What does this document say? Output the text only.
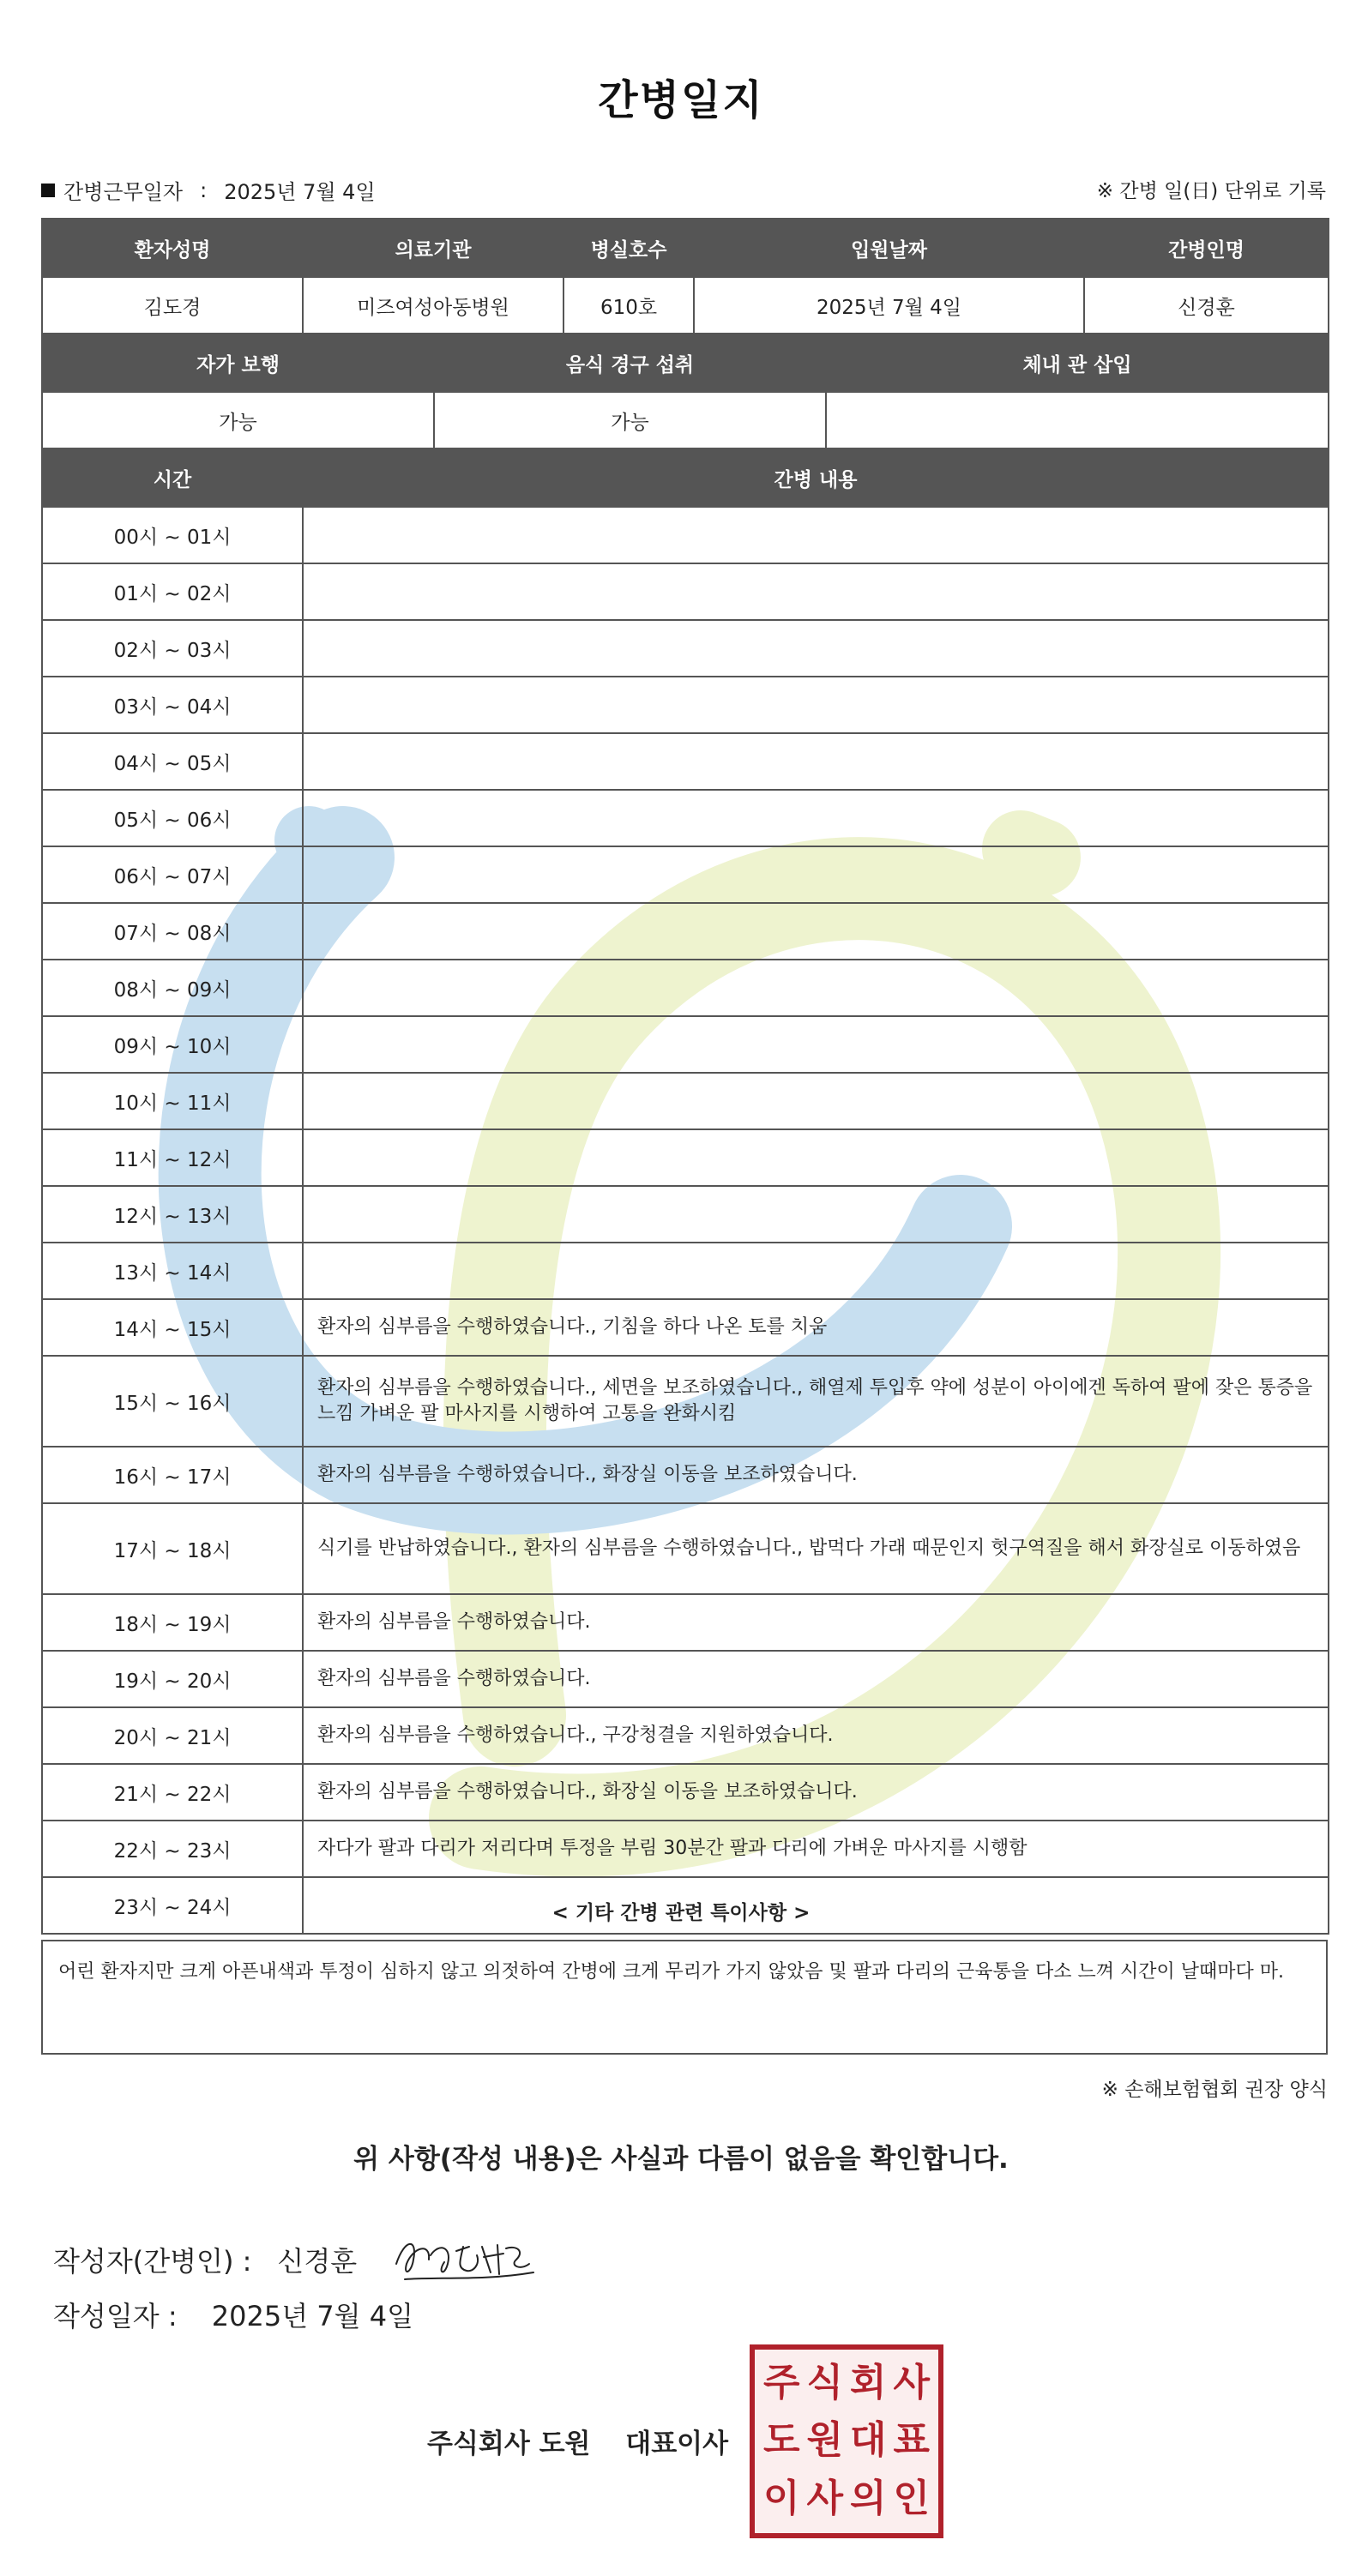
간병일지
간병근무일자 : 2025년 7월 4일	※ 간병 일(日) 단위로 기록
환자성명	의료기관	병실호수	입원날짜	간병인명
김도경	미즈여성아동병원	610호	2025년 7월 4일	신경훈
자가 보행	음식 경구 섭취	체내 관 삽입
가능	가능	
시간	간병 내용
00시 ~ 01시	
01시 ~ 02시	
02시 ~ 03시	
03시 ~ 04시	
04시 ~ 05시	
05시 ~ 06시	
06시 ~ 07시	
07시 ~ 08시	
08시 ~ 09시	
09시 ~ 10시	
10시 ~ 11시	
11시 ~ 12시	
12시 ~ 13시	
13시 ~ 14시	
14시 ~ 15시	환자의 심부름을 수행하였습니다., 기침을 하다 나온 토를 치움
15시 ~ 16시	환자의 심부름을 수행하였습니다., 세면을 보조하였습니다., 해열제 투입후 약에 성분이 아이에겐 독하여 팔에 잦은 통증을 느낌 가벼운 팔 마사지를 시행하여 고통을 완화시킴
16시 ~ 17시	환자의 심부름을 수행하였습니다., 화장실 이동을 보조하였습니다.
17시 ~ 18시	식기를 반납하였습니다., 환자의 심부름을 수행하였습니다., 밥먹다 가래 때문인지 헛구역질을 해서 화장실로 이동하였음
18시 ~ 19시	환자의 심부름을 수행하였습니다.
19시 ~ 20시	환자의 심부름을 수행하였습니다.
20시 ~ 21시	환자의 심부름을 수행하였습니다., 구강청결을 지원하였습니다.
21시 ~ 22시	환자의 심부름을 수행하였습니다., 화장실 이동을 보조하였습니다.
22시 ~ 23시	자다가 팔과 다리가 저리다며 투정을 부림 30분간 팔과 다리에 가벼운 마사지를 시행함
23시 ~ 24시		< 기타 간병 관련 특이사항 >
어린 환자지만 크게 아픈내색과 투정이 심하지 않고 의젓하여 간병에 크게 무리가 가지 않았음 및 팔과 다리의 근육통을 다소 느껴 시간이 날때마다 마.
※ 손해보험협회 권장 양식
위 사항(작성 내용)은 사실과 다름이 없음을 확인합니다.
작성자(간병인) : 신경훈
작성일자 : 2025년 7월 4일
주식회사 도원 대표이사
주 식 회 사
도 원 대 표
이 사 의 인
